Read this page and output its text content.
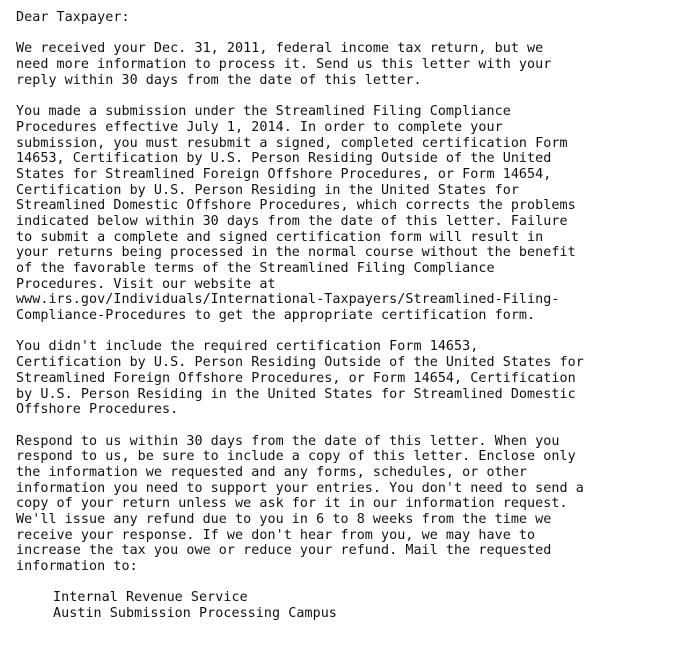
Dear Taxpayer:
We received your Dec. 31, 2011, federal income tax return, but we
need more information to process it. Send us this letter with your
reply within 30 days from the date of this letter.
You made a submission under the Streamlined Filing Compliance
Procedures effective July 1, 2014. In order to complete your
submission, you must resubmit a signed, completed certification Form
14653, Certification by U.S. Person Residing Outside of the United
States for Streamlined Foreign Offshore Procedures, or Form 14654,
Certification by U.S. Person Residing in the United States for
Streamlined Domestic Offshore Procedures, which corrects the problems
indicated below within 30 days from the date of this letter. Failure
to submit a complete and signed certification form will result in
your returns being processed in the normal course without the benefit
of the favorable terms of the Streamlined Filing Compliance
Procedures. Visit our website at
www.irs.gov/Individuals/International-Taxpayers/Streamlined-Filing-
Compliance-Procedures to get the appropriate certification form.
You didn't include the required certification Form 14653,
Certification by U.S. Person Residing Outside of the United States for
Streamlined Foreign Offshore Procedures, or Form 14654, Certification
by U.S. Person Residing in the United States for Streamlined Domestic
Offshore Procedures.
Respond to us within 30 days from the date of this letter. When you
respond to us, be sure to include a copy of this letter. Enclose only
the information we requested and any forms, schedules, or other
information you need to support your entries. You don't need to send a
copy of your return unless we ask for it in our information request.
We'll issue any refund due to you in 6 to 8 weeks from the time we
receive your response. If we don't hear from you, we may have to
increase the tax you owe or reduce your refund. Mail the requested
information to:
Internal Revenue Service
Austin Submission Processing Campus
